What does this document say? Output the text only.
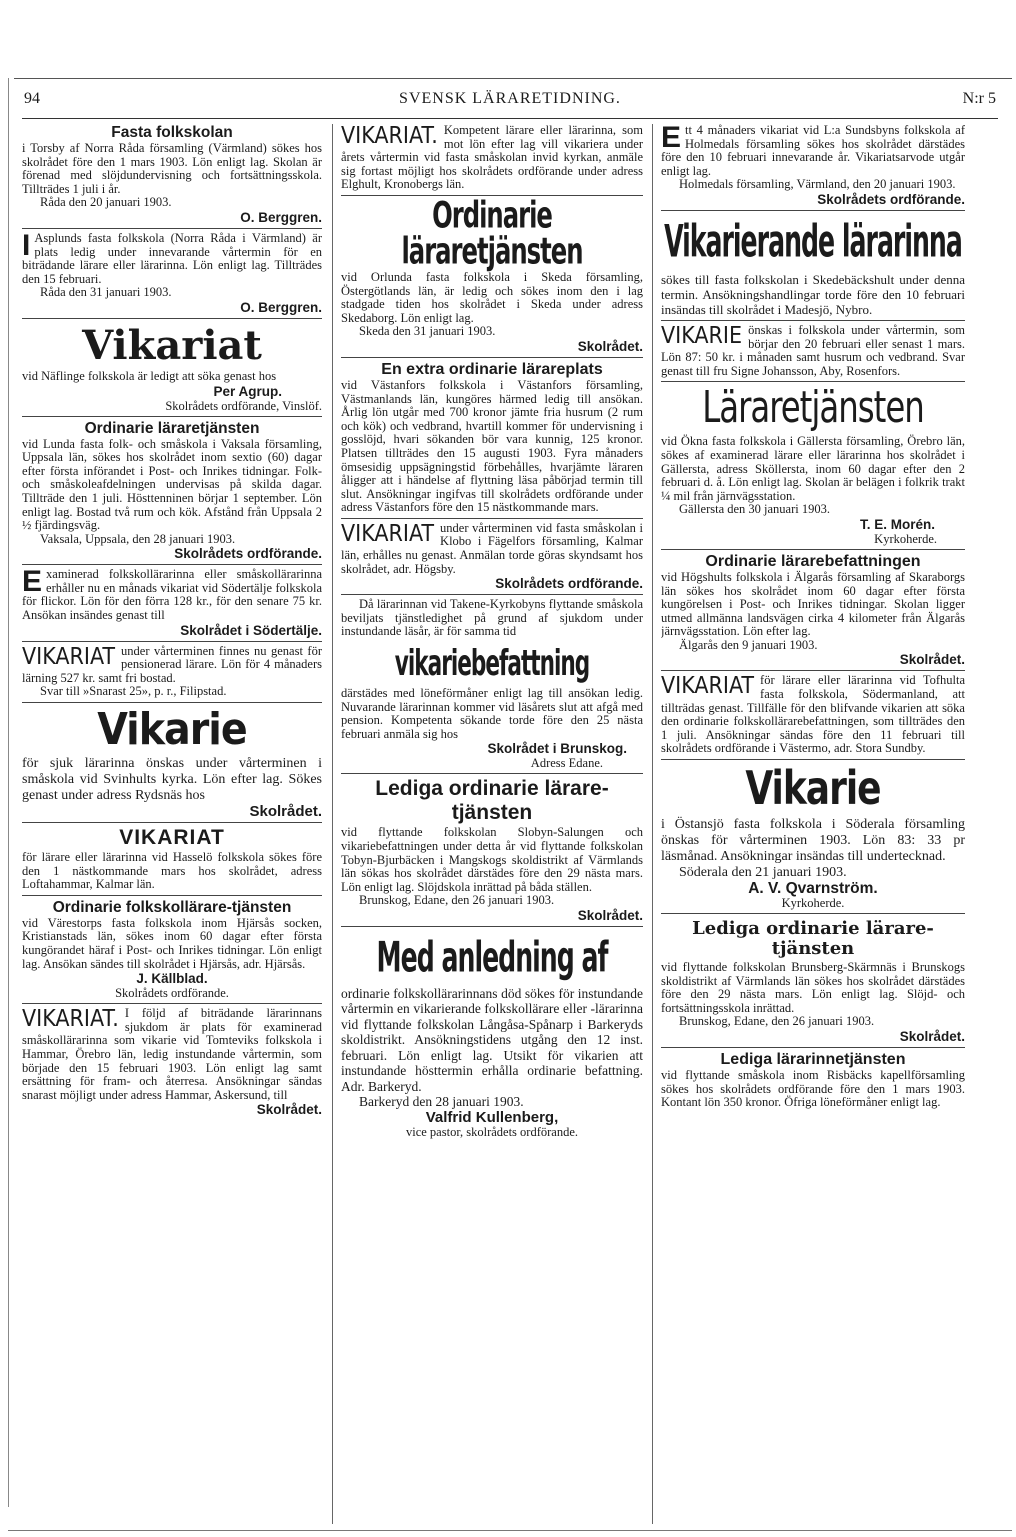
SVENSK LÄRARETIDNING.
94	N:r 5
Fasta folkskolan

i Torsby af Norra Råda församling (Värmland) sökes hos skolrådet före den 1 mars 1903. Lön enligt lag. Skolan är förenad med slöjdundervisning och fortsättningsskola. Tillträdes 1 juli i år.

Råda den 20 januari 1903.

O. Berggren.

I Asplunds fasta folkskola (Norra Råda i Värmland) är plats ledig under innevarande vårtermin för en biträdande lärare eller lärarinna. Lön enligt lag. Tillträdes den 15 februari.

Råda den 31 januari 1903.

O. Berggren.
Vikariat

vid Näflinge folkskola är ledigt att söka genast hos

Per Agrup.
Skolrådets ordförande, Vinslöf.
Ordinarie läraretjänsten

vid Lunda fasta folk- och småskola i Vaksala församling, Uppsala län, sökes hos skolrådet inom sextio (60) dagar efter första införandet i Post- och Inrikes tidningar. Folk- och småskoleafdelningen undervisas på skilda dagar. Tillträde den 1 juli. Hösttenninen börjar 1 september. Lön enligt lag. Bostad två rum och kök. Afstånd från Uppsala 2 ½ fjärdingsväg.

Vaksala, Uppsala, den 28 januari 1903.

Skolrådets ordförande.

Examinerad folkskollärarinna eller småskollärarinna erhåller nu en månads vikariat vid Södertälje folkskola för flickor. Lön för den förra 128 kr., för den senare 75 kr. Ansökan insändes genast till

Skolrådet i Södertälje.

VIKARIAT under vårterminen finnes nu genast för pensionerad lärare. Lön för 4 månaders lärning 527 kr. samt fri bostad.

Svar till »Snarast 25», p. r., Filipstad.

Vikarie

för sjuk lärarinna önskas under vårterminen i småskola vid Svinhults kyrka. Lön efter lag. Sökes genast under adress Rydsnäs hos

Skolrådet.
VIKARIAT

för lärare eller lärarinna vid Hasselö folkskola sökes före den 1 nästkommande mars hos skolrådet, adress Loftahammar, Kalmar län.

Ordinarie folkskollärare-tjänsten

vid Värestorps fasta folkskola inom Hjärsås socken, Kristianstads län, sökes inom 60 dagar efter första kungörandet häraf i Post- och Inrikes tidningar. Lön enligt lag. Ansökan sändes till skolrådet i Hjärsås, adr. Hjärsås.

J. Källblad.
Skolrådets ordförande.

VIKARIAT. I följd af biträdande lärarinnans sjukdom är plats för examinerad småskollärarinna som vikarie vid Tomteviks folkskola i Hammar, Örebro län, ledig instundande vårtermin, som började den 15 februari 1903. Lön enligt lag samt ersättning för fram- och återresa. Ansökningar sändas snarast möjligt under adress Hammar, Askersund, till

Skolrådet.

VIKARIAT. Kompetent lärare eller lärarinna, som mot lön efter lag vill vikariera under årets vårtermin vid fasta småskolan invid kyrkan, anmäle sig fortast möjligt hos skolrådets ordförande under adress Elghult, Kronobergs län.

Ordinarie läraretjänsten

vid Orlunda fasta folkskola i Skeda församling, Östergötlands län, är ledig och sökes inom den i lag stadgade tiden hos skolrådet i Skeda under adress Skedaborg. Lön enligt lag.

Skeda den 31 januari 1903.

Skolrådet.
En extra ordinarie lärareplats

vid Västanfors folkskola i Västanfors församling, Västmanlands län, kungöres härmed ledig till ansökan. Årlig lön utgår med 700 kronor jämte fria husrum (2 rum och kök) och vedbrand, hvartill kommer för undervisning i gosslöjd, hvari sökanden bör vara kunnig, 125 kronor. Platsen tillträdes den 15 augusti 1903. Fyra månaders ömsesidig uppsägningstid förbehålles, hvarjämte läraren åligger att i händelse af flyttning läsa påbörjad termin till slut. Ansökningar ingifvas till skolrådets ordförande under adress Västanfors före den 15 nästkommande mars.

VIKARIAT under vårterminen vid fasta småskolan i Klobo i Fägelfors församling, Kalmar län, erhålles nu genast. Anmälan torde göras skyndsamt hos skolrådet, adr. Högsby.

Skolrådets ordförande.

Då lärarinnan vid Takene-Kyrkobyns flyttande småskola beviljats tjänstledighet på grund af sjukdom under instundande läsår, är för samma tid

vikariebefattning

därstädes med löneförmåner enligt lag till ansökan ledig. Nuvarande lärarinnan kommer vid läsårets slut att afgå med pension. Kompetenta sökande torde före den 25 nästa februari anmäla sig hos

Skolrådet i Brunskog.
Adress Edane.
Lediga ordinarie lärare-tjänsten

vid flyttande folkskolan Slobyn-Salungen och vikariebefattningen under detta år vid flyttande folkskolan Tobyn-Bjurbäcken i Mangskogs skoldistrikt af Värmlands län sökas hos skolrådet därstädes före den 29 nästa mars. Lön enligt lag. Slöjdskola inrättad på båda ställen.

Brunskog, Edane, den 26 januari 1903.

Skolrådet.
Med anledning af

ordinarie folkskollärarinnans död sökes för instundande vårtermin en vikarierande folkskollärare eller -lärarinna vid flyttande folkskolan Långåsa-Spånarp i Barkeryds skoldistrikt. Ansökningstidens utgång den 12 inst. februari. Lön enligt lag. Utsikt för vikarien att instundande hösttermin erhålla ordinarie befattning. Adr. Barkeryd.

Barkeryd den 28 januari 1903.

Valfrid Kullenberg,
vice pastor, skolrådets ordförande.

Ett 4 månaders vikariat vid L:a Sundsbyns folkskola af Holmedals församling sökes hos skolrådet därstädes före den 10 februari innevarande år. Vikariatsarvode utgår enligt lag.

Holmedals församling, Värmland, den 20 januari 1903.

Skolrådets ordförande.
Vikarierande lärarinna

sökes till fasta folkskolan i Skedebäckshult under denna termin. Ansökningshandlingar torde före den 10 februari insändas till skolrådet i Madesjö, Nybro.

VIKARIE önskas i folkskola under vårtermin, som börjar den 20 februari eller senast 1 mars. Lön 87: 50 kr. i månaden samt husrum och vedbrand. Svar genast till fru Signe Johansson, Aby, Rosenfors.

Läraretjänsten

vid Ökna fasta folkskola i Gällersta församling, Örebro län, sökes af examinerad lärare eller lärarinna hos skolrådet i Gällersta, adress Sköllersta, inom 60 dagar efter den 2 februari d. å. Lön enligt lag. Skolan är belägen i folkrik trakt ¼ mil från järnvägsstation.

Gällersta den 30 januari 1903.

T. E. Morén.
Kyrkoherde.
Ordinarie lärarebefattningen

vid Högshults folkskola i Älgarås församling af Skaraborgs län sökes hos skolrådet inom 60 dagar efter första kungörelsen i Post- och Inrikes tidningar. Skolan ligger utmed allmänna landsvägen cirka 4 kilometer från Älgarås järnvägsstation. Lön efter lag.

Älgarås den 9 januari 1903.

Skolrådet.

VIKARIAT för lärare eller lärarinna vid Tofhulta fasta folkskola, Södermanland, att tillträdas genast. Tillfälle för den blifvande vikarien att söka den ordinarie folkskollärarebefattningen, som tillträdes den 1 juli. Ansökningar sändas före den 11 februari till skolrådets ordförande i Västermo, adr. Stora Sundby.

Vikarie

i Östansjö fasta folkskola i Söderala församling önskas för vårterminen 1903. Lön 83: 33 pr läsmånad. Ansökningar insändas till undertecknad.

Söderala den 21 januari 1903.

A. V. Qvarnström.
Kyrkoherde.
Lediga ordinarie lärare-tjänsten

vid flyttande folkskolan Brunsberg-Skärmnäs i Brunskogs skoldistrikt af Värmlands län sökes hos skolrådet därstädes före den 29 nästa mars. Lön enligt lag. Slöjd- och fortsättningsskola inrättad.

Brunskog, Edane, den 26 januari 1903.

Skolrådet.
Lediga lärarinnetjänsten

vid flyttande småskola inom Risbäcks kapellförsamling sökes hos skolrådets ordförande före den 1 mars 1903. Kontant lön 350 kronor. Öfriga löneförmåner enligt lag.
